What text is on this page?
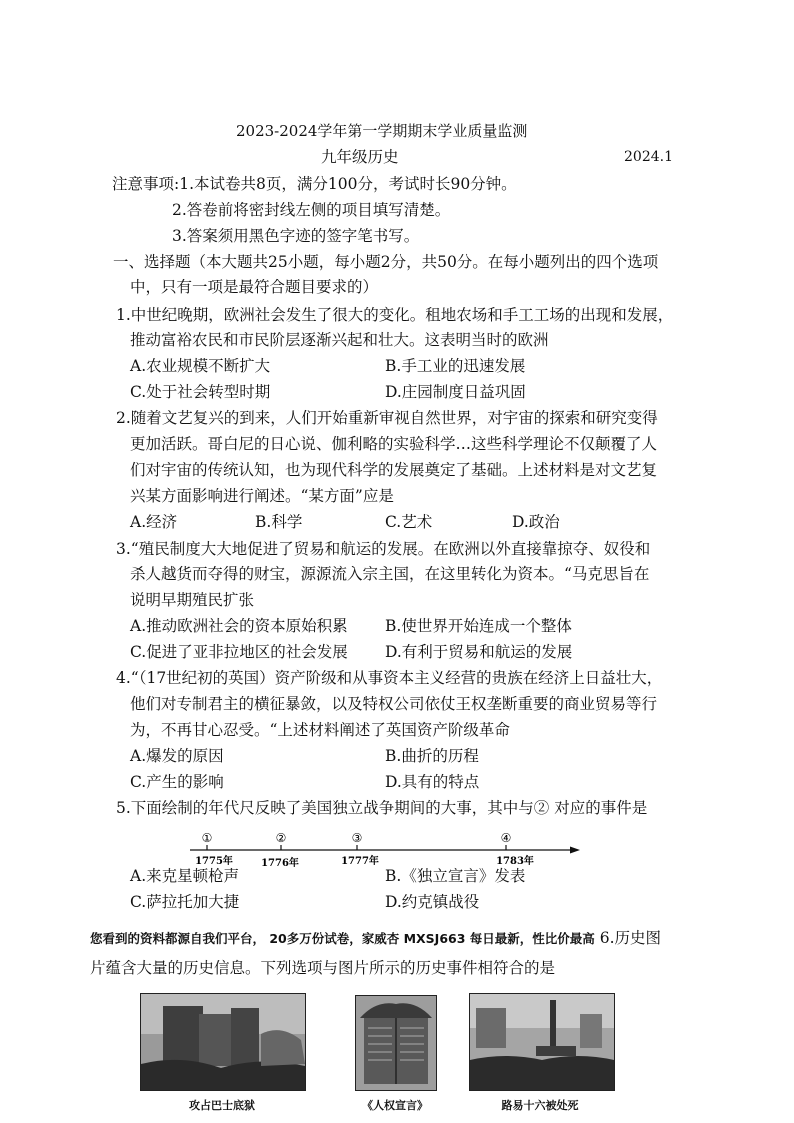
2023-2024学年第一学期期末学业质量监测
九年级历史	2024.1
注意事项:1.本试卷共8页，满分100分，考试时长90分钟。
2.答卷前将密封线左侧的项目填写清楚。
3.答案须用黑色字迹的签字笔书写。
一、选择题（本大题共25小题，每小题2分，共50分。在每小题列出的四个选项
中，只有一项是最符合题目要求的）
1.中世纪晚期，欧洲社会发生了很大的变化。租地农场和手工工场的出现和发展，
推动富裕农民和市民阶层逐渐兴起和壮大。这表明当时的欧洲
A.农业规模不断扩大	B.手工业的迅速发展
C.处于社会转型时期	D.庄园制度日益巩固
2.随着文艺复兴的到来，人们开始重新审视自然世界，对宇宙的探索和研究变得
更加活跃。哥白尼的日心说、伽利略的实验科学…这些科学理论不仅颠覆了人
们对宇宙的传统认知，也为现代科学的发展奠定了基础。上述材料是对文艺复
兴某方面影响进行阐述。“某方面”应是
A.经济	B.科学	C.艺术	D.政治
3.“殖民制度大大地促进了贸易和航运的发展。在欧洲以外直接靠掠夺、奴役和
杀人越货而夺得的财宝，源源流入宗主国，在这里转化为资本。“马克思旨在
说明早期殖民扩张
A.推动欧洲社会的资本原始积累 B.使世界开始连成一个整体
C.促进了亚非拉地区的社会发展 D.有利于贸易和航运的发展
4.“（17世纪初的英国）资产阶级和从事资本主义经营的贵族在经济上日益壮大，
他们对专制君主的横征暴敛，以及特权公司依仗王权垄断重要的商业贸易等行
为，不再甘心忍受。“上述材料阐述了英国资产阶级革命
A.爆发的原因	B.曲折的历程
C.产生的影响	D.具有的特点
5.下面绘制的年代尺反映了美国独立战争期间的大事，其中与② 对应的事件是
①
1775年
②
1776年
③
1777年
④
1783年
A.来克星顿枪声	B.《独立宣言》发表
C.萨拉托加大捷	D.约克镇战役
您看到的资料都源自我们平台， 20多万份试卷，家威杏 MXSJ663 每日最新，性比价最高 6.历史图
片蕴含大量的历史信息。下列选项与图片所示的历史事件相符合的是
攻占巴士底狱	《人权宣言》	路易十六被处死
